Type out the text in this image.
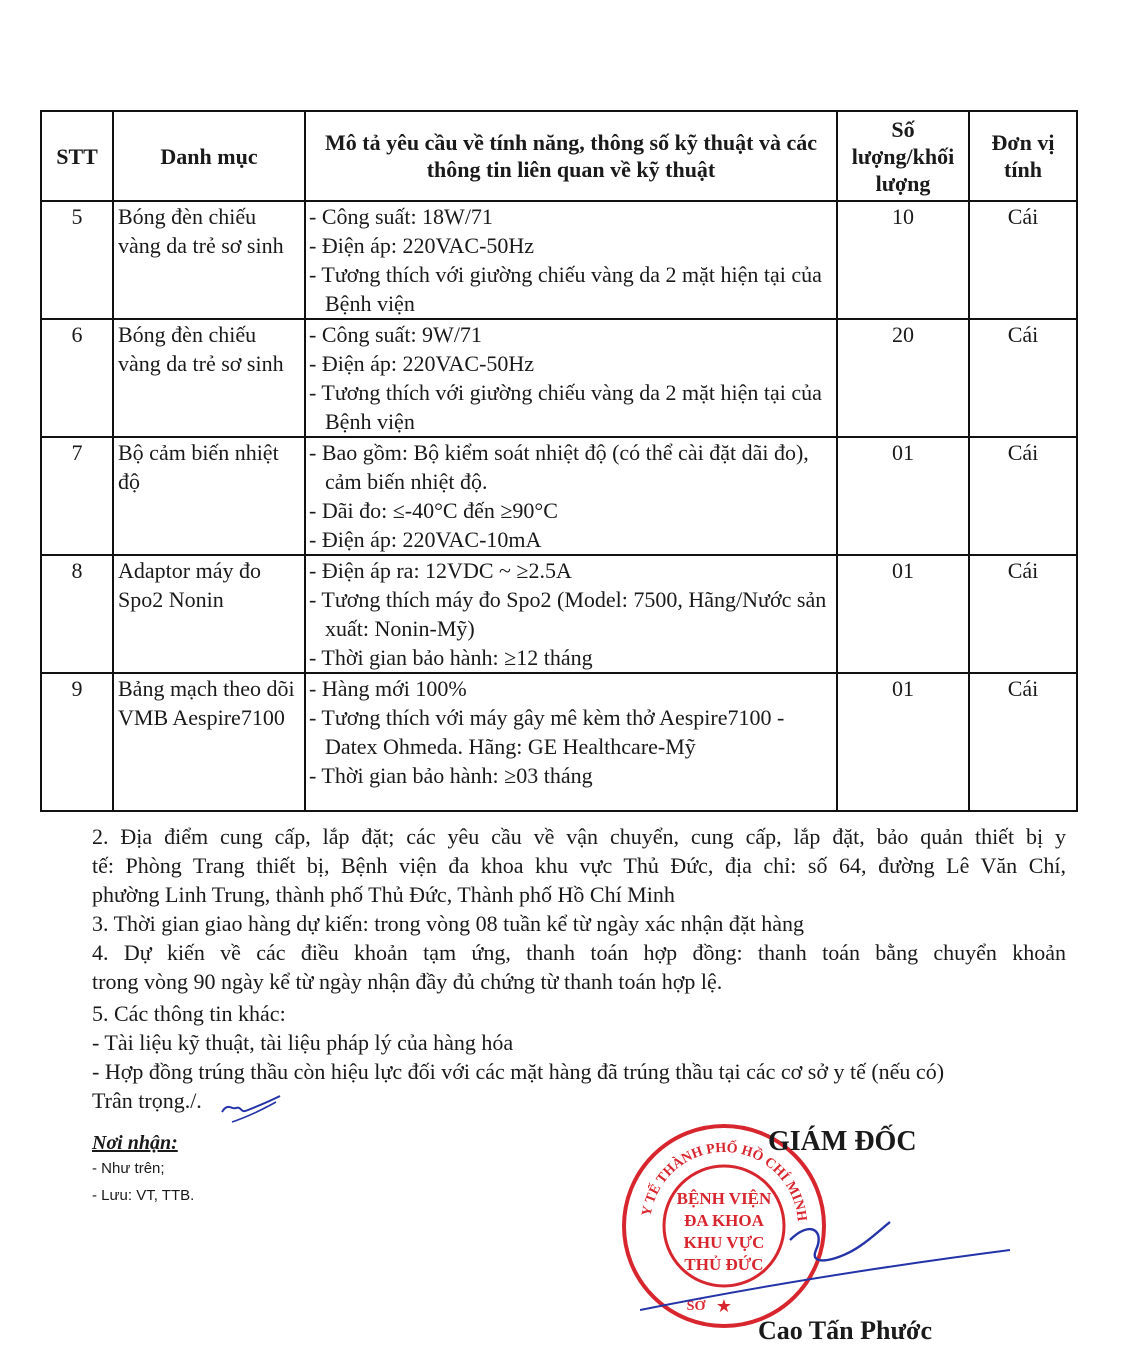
STT	Danh mục	Mô tả yêu cầu về tính năng, thông số kỹ thuật và các thông tin liên quan về kỹ thuật	Số lượng/khối lượng	Đơn vị tính
5	Bóng đèn chiếu vàng da trẻ sơ sinh	- Công suất: 18W/71
- Điện áp: 220VAC-50Hz
- Tương thích với giường chiếu vàng da 2 mặt hiện tại của Bệnh viện	10	Cái
6	Bóng đèn chiếu vàng da trẻ sơ sinh	- Công suất: 9W/71
- Điện áp: 220VAC-50Hz
- Tương thích với giường chiếu vàng da 2 mặt hiện tại của Bệnh viện	20	Cái
7	Bộ cảm biến nhiệt độ	- Bao gồm: Bộ kiểm soát nhiệt độ (có thể cài đặt dãi đo), cảm biến nhiệt độ.
- Dãi đo: ≤-40°C đến ≥90°C
- Điện áp: 220VAC-10mA	01	Cái
8	Adaptor máy đo Spo2 Nonin	- Điện áp ra: 12VDC ~ ≥2.5A
- Tương thích máy đo Spo2 (Model: 7500, Hãng/Nước sản xuất: Nonin-Mỹ)
- Thời gian bảo hành: ≥12 tháng	01	Cái
9	Bảng mạch theo dõi VMB Aespire7100	- Hàng mới 100%
- Tương thích với máy gây mê kèm thở Aespire7100 - Datex Ohmeda. Hãng: GE Healthcare-Mỹ
- Thời gian bảo hành: ≥03 tháng	01	Cái
2. Địa điểm cung cấp, lắp đặt; các yêu cầu về vận chuyển, cung cấp, lắp đặt, bảo quản thiết bị y
tế: Phòng Trang thiết bị, Bệnh viện đa khoa khu vực Thủ Đức, địa chỉ: số 64, đường Lê Văn Chí,
phường Linh Trung, thành phố Thủ Đức, Thành phố Hồ Chí Minh
3. Thời gian giao hàng dự kiến: trong vòng 08 tuần kể từ ngày xác nhận đặt hàng
4. Dự kiến về các điều khoản tạm ứng, thanh toán hợp đồng: thanh toán bằng chuyển khoản
trong vòng 90 ngày kể từ ngày nhận đầy đủ chứng từ thanh toán hợp lệ.
5. Các thông tin khác:
- Tài liệu kỹ thuật, tài liệu pháp lý của hàng hóa
- Hợp đồng trúng thầu còn hiệu lực đối với các mặt hàng đã trúng thầu tại các cơ sở y tế (nếu có)
Trân trọng./.
Nơi nhận:
- Như trên;
- Lưu: VT, TTB.
Y TẾ THÀNH PHỐ HỒ CHÍ MINH
BỆNH VIỆN
ĐA KHOA
KHU VỰC
THỦ ĐỨC
SỞ ★
GIÁM ĐỐC
Cao Tấn Phước
